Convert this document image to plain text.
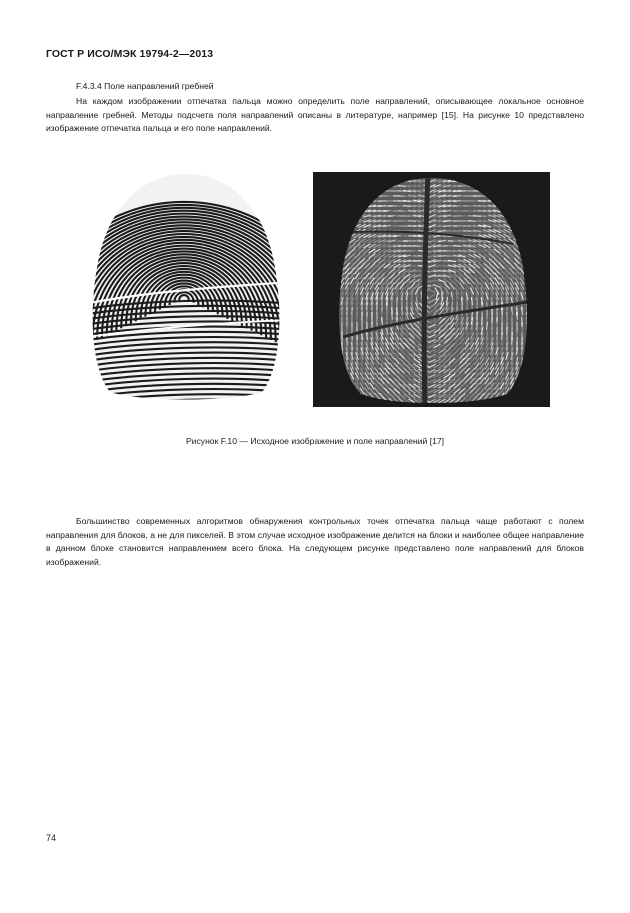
ГОСТ Р ИСО/МЭК 19794-2—2013
F.4.3.4 Поле направлений гребней
На каждом изображении отпечатка пальца можно определить поле направлений, описывающее локальное основное направление гребней. Методы подсчета поля направлений описаны в литературе, например [15]. На рисунке 10 представлено изображение отпечатка пальца и его поле направлений.
Рисунок F.10 — Исходное изображение и поле направлений [17]
Большинство современных алгоритмов обнаружения контрольных точек отпечатка пальца чаще работают с полем направления для блоков, а не для пикселей. В этом случае исходное изображение делится на блоки и наиболее общее направление в данном блоке становится направлением всего блока. На следующем рисунке представлено поле направлений для блоков изображений.
74
